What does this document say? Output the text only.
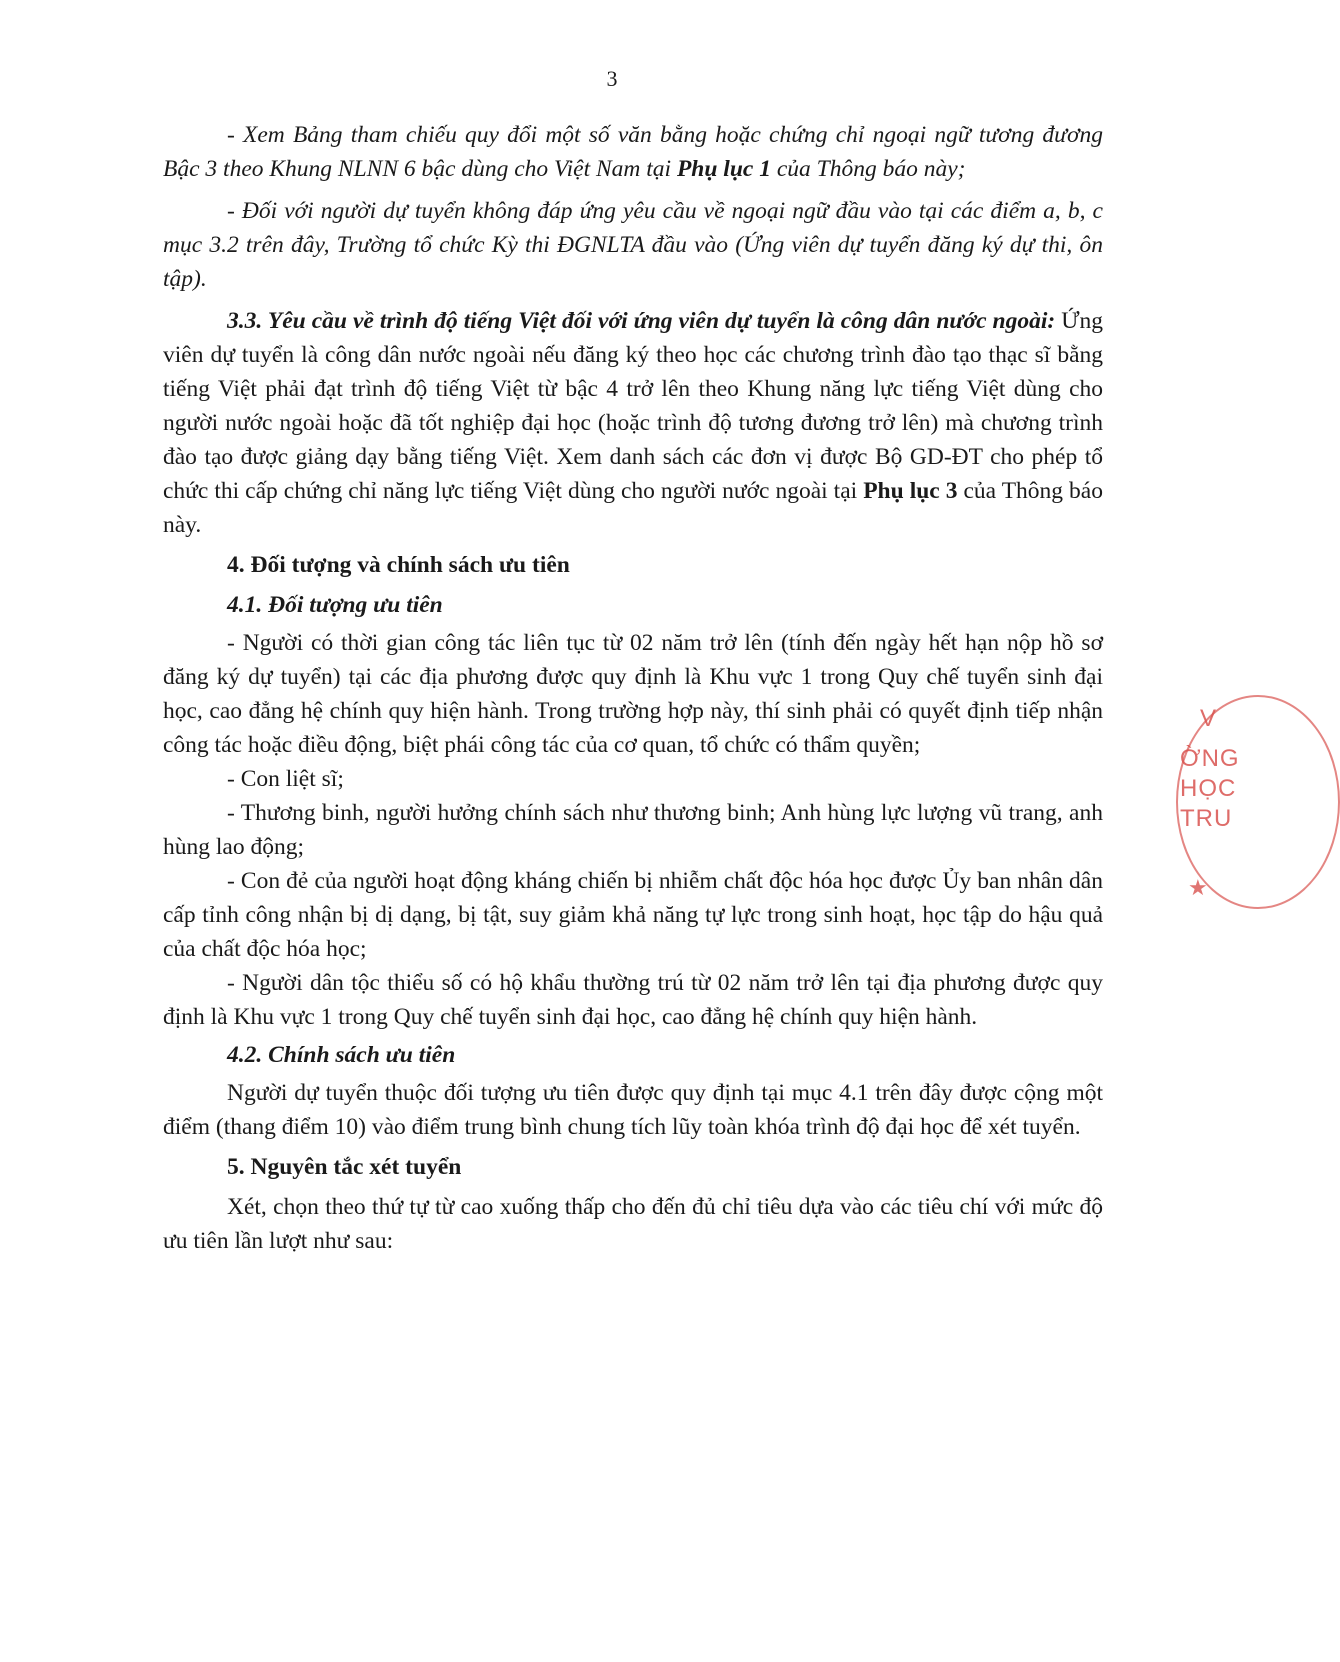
3

- Xem Bảng tham chiếu quy đổi một số văn bằng hoặc chứng chỉ ngoại ngữ tương đương Bậc 3 theo Khung NLNN 6 bậc dùng cho Việt Nam tại Phụ lục 1 của Thông báo này;

- Đối với người dự tuyển không đáp ứng yêu cầu về ngoại ngữ đầu vào tại các điểm a, b, c mục 3.2 trên đây, Trường tổ chức Kỳ thi ĐGNLTA đầu vào (Ứng viên dự tuyển đăng ký dự thi, ôn tập).

3.3. Yêu cầu về trình độ tiếng Việt đối với ứng viên dự tuyển là công dân nước ngoài: Ứng viên dự tuyển là công dân nước ngoài nếu đăng ký theo học các chương trình đào tạo thạc sĩ bằng tiếng Việt phải đạt trình độ tiếng Việt từ bậc 4 trở lên theo Khung năng lực tiếng Việt dùng cho người nước ngoài hoặc đã tốt nghiệp đại học (hoặc trình độ tương đương trở lên) mà chương trình đào tạo được giảng dạy bằng tiếng Việt. Xem danh sách các đơn vị được Bộ GD-ĐT cho phép tổ chức thi cấp chứng chỉ năng lực tiếng Việt dùng cho người nước ngoài tại Phụ lục 3 của Thông báo này.

4. Đối tượng và chính sách ưu tiên

4.1. Đối tượng ưu tiên

- Người có thời gian công tác liên tục từ 02 năm trở lên (tính đến ngày hết hạn nộp hồ sơ đăng ký dự tuyển) tại các địa phương được quy định là Khu vực 1 trong Quy chế tuyển sinh đại học, cao đẳng hệ chính quy hiện hành. Trong trường hợp này, thí sinh phải có quyết định tiếp nhận công tác hoặc điều động, biệt phái công tác của cơ quan, tổ chức có thẩm quyền;

- Con liệt sĩ;

- Thương binh, người hưởng chính sách như thương binh; Anh hùng lực lượng vũ trang, anh hùng lao động;

- Con đẻ của người hoạt động kháng chiến bị nhiễm chất độc hóa học được Ủy ban nhân dân cấp tỉnh công nhận bị dị dạng, bị tật, suy giảm khả năng tự lực trong sinh hoạt, học tập do hậu quả của chất độc hóa học;

- Người dân tộc thiểu số có hộ khẩu thường trú từ 02 năm trở lên tại địa phương được quy định là Khu vực 1 trong Quy chế tuyển sinh đại học, cao đẳng hệ chính quy hiện hành.

4.2. Chính sách ưu tiên

Người dự tuyển thuộc đối tượng ưu tiên được quy định tại mục 4.1 trên đây được cộng một điểm (thang điểm 10) vào điểm trung bình chung tích lũy toàn khóa trình độ đại học để xét tuyển.

5. Nguyên tắc xét tuyển

Xét, chọn theo thứ tự từ cao xuống thấp cho đến đủ chỉ tiêu dựa vào các tiêu chí với mức độ ưu tiên lần lượt như sau:

V
ỜNG
HỌC
TRU
★
